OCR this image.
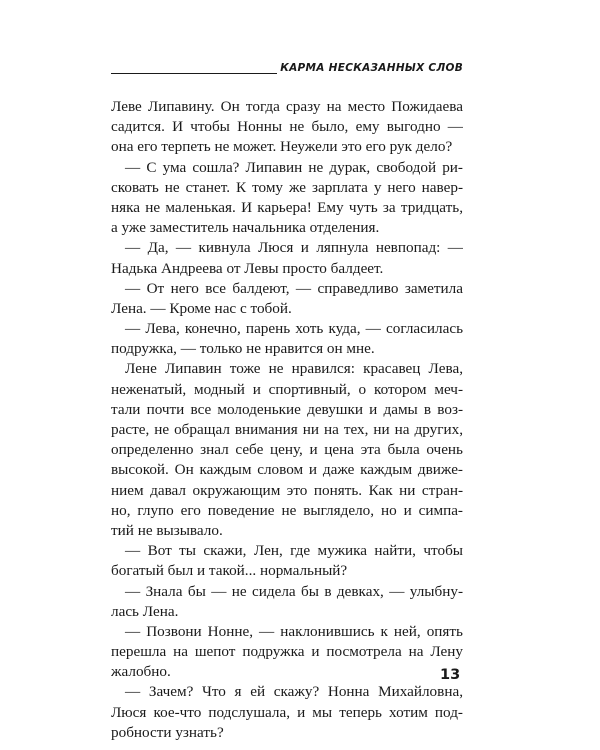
КАРМА НЕСКАЗАННЫХ СЛОВ
Леве Липавину. Он тогда сразу на место Пожидаева
садится. И чтобы Нонны не было, ему выгодно —
она его терпеть не может. Неужели это его рук дело?
— С ума сошла? Липавин не дурак, свободой ри-
сковать не станет. К тому же зарплата у него навер-
няка не маленькая. И карьера! Ему чуть за тридцать,
а уже заместитель начальника отделения.
— Да, — кивнула Люся и ляпнула невпопад: —
Надька Андреева от Левы просто балдеет.
— От него все балдеют, — справедливо заметила
Лена. — Кроме нас с тобой.
— Лева, конечно, парень хоть куда, — согласилась
подружка, — только не нравится он мне.
Лене Липавин тоже не нравился: красавец Лева,
неженатый, модный и спортивный, о котором меч-
тали почти все молоденькие девушки и дамы в воз-
расте, не обращал внимания ни на тех, ни на других,
определенно знал себе цену, и цена эта была очень
высокой. Он каждым словом и даже каждым движе-
нием давал окружающим это понять. Как ни стран-
но, глупо его поведение не выглядело, но и симпа-
тий не вызывало.
— Вот ты скажи, Лен, где мужика найти, чтобы
богатый был и такой... нормальный?
— Знала бы — не сидела бы в девках, — улыбну-
лась Лена.
— Позвони Нонне, — наклонившись к ней, опять
перешла на шепот подружка и посмотрела на Лену
жалобно.
— Зачем? Что я ей скажу? Нонна Михайловна,
Люся кое-что подслушала, и мы теперь хотим под-
робности узнать?
13
